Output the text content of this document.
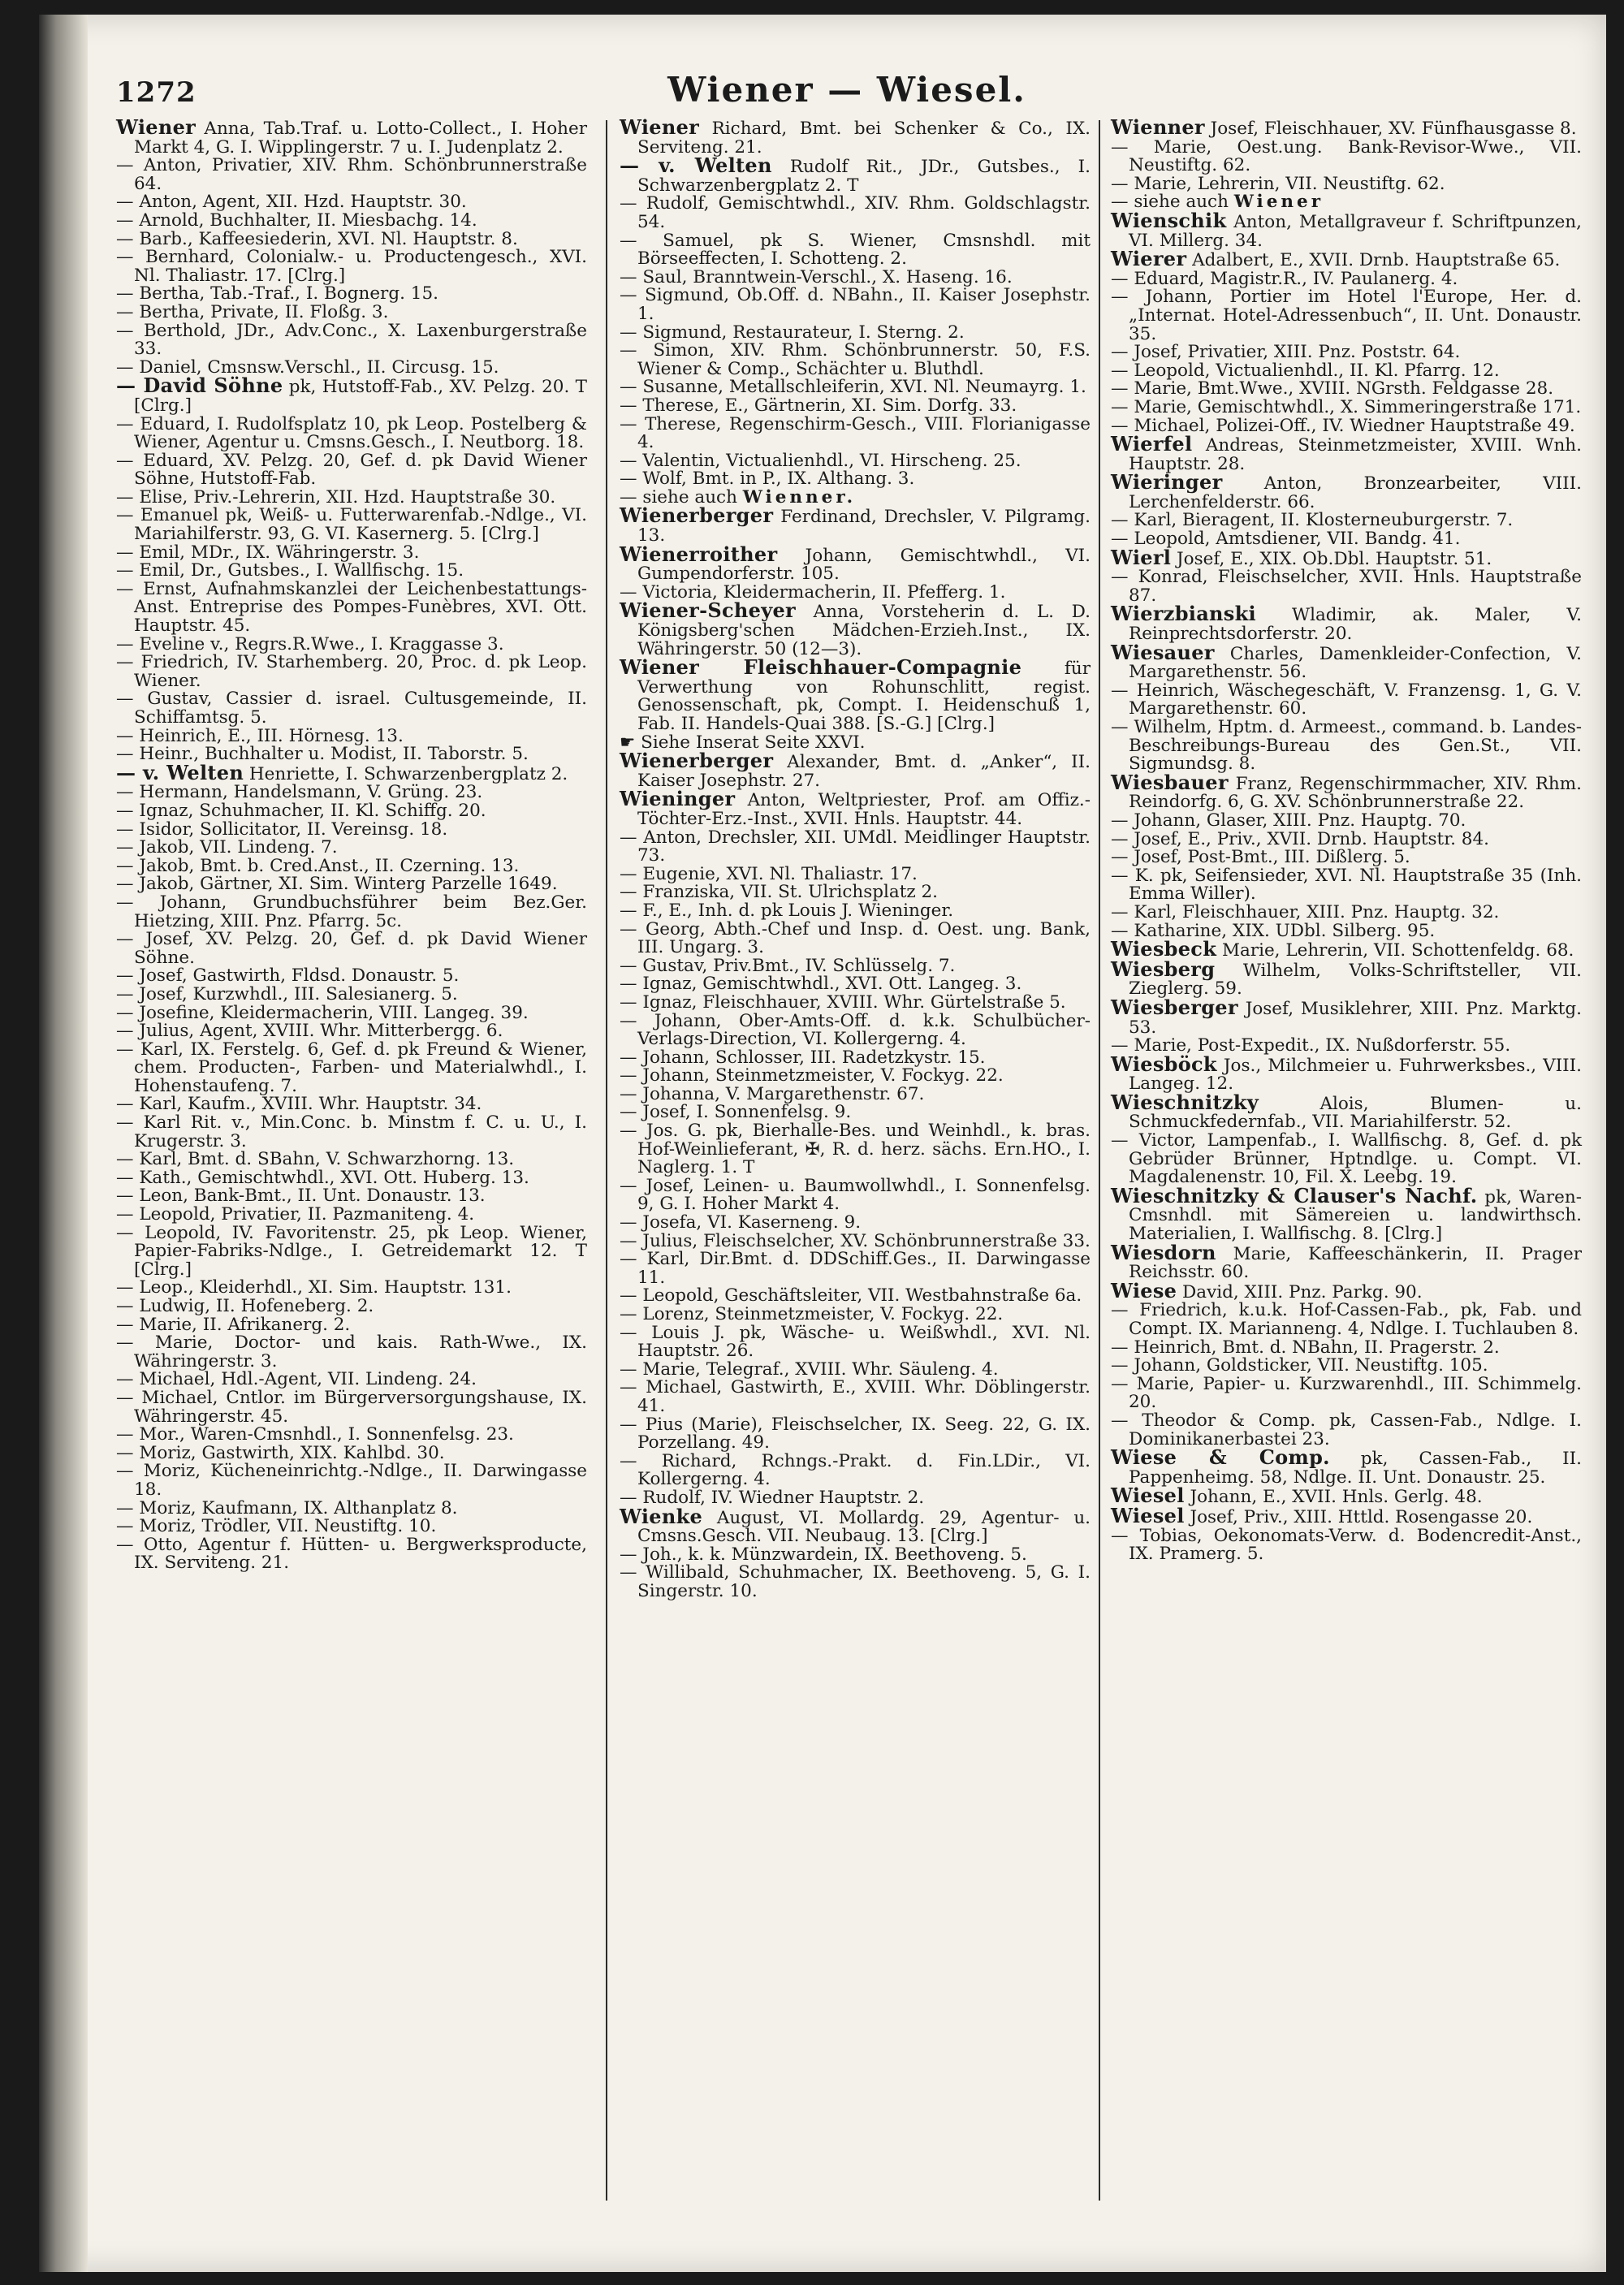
1272	Wiener — Wiesel.

Wiener Anna, Tab.Traf. u. Lotto-Collect., I. Hoher Markt 4, G. I. Wipplingerstr. 7 u. I. Judenplatz 2.

— Anton, Privatier, XIV. Rhm. Schönbrunnerstraße 64.

— Anton, Agent, XII. Hzd. Hauptstr. 30.

— Arnold, Buchhalter, II. Miesbachg. 14.

— Barb., Kaffeesiederin, XVI. Nl. Hauptstr. 8.

— Bernhard, Colonialw.- u. Productengesch., XVI. Nl. Thaliastr. 17. [Clrg.]

— Bertha, Tab.-Traf., I. Bognerg. 15.

— Bertha, Private, II. Floßg. 3.

— Berthold, JDr., Adv.Conc., X. Laxenburgerstraße 33.

— Daniel, Cmsnsw.Verschl., II. Circusg. 15.

— David Söhne pk, Hutstoff-Fab., XV. Pelzg. 20. T [Clrg.]

— Eduard, I. Rudolfsplatz 10, pk Leop. Postelberg & Wiener, Agentur u. Cmsns.Gesch., I. Neutborg. 18.

— Eduard, XV. Pelzg. 20, Gef. d. pk David Wiener Söhne, Hutstoff-Fab.

— Elise, Priv.-Lehrerin, XII. Hzd. Hauptstraße 30.

— Emanuel pk, Weiß- u. Futterwarenfab.-Ndlge., VI. Mariahilferstr. 93, G. VI. Kasernerg. 5. [Clrg.]

— Emil, MDr., IX. Währingerstr. 3.

— Emil, Dr., Gutsbes., I. Wallfischg. 15.

— Ernst, Aufnahmskanzlei der Leichenbestattungs-Anst. Entreprise des Pompes-Funèbres, XVI. Ott. Hauptstr. 45.

— Eveline v., Regrs.R.Wwe., I. Kraggasse 3.

— Friedrich, IV. Starhemberg. 20, Proc. d. pk Leop. Wiener.

— Gustav, Cassier d. israel. Cultusgemeinde, II. Schiffamtsg. 5.

— Heinrich, E., III. Hörnesg. 13.

— Heinr., Buchhalter u. Modist, II. Taborstr. 5.

— v. Welten Henriette, I. Schwarzenbergplatz 2.

— Hermann, Handelsmann, V. Grüng. 23.

— Ignaz, Schuhmacher, II. Kl. Schiffg. 20.

— Isidor, Sollicitator, II. Vereinsg. 18.

— Jakob, VII. Lindeng. 7.

— Jakob, Bmt. b. Cred.Anst., II. Czerning. 13.

— Jakob, Gärtner, XI. Sim. Winterg Parzelle 1649.

— Johann, Grundbuchsführer beim Bez.Ger. Hietzing, XIII. Pnz. Pfarrg. 5c.

— Josef, XV. Pelzg. 20, Gef. d. pk David Wiener Söhne.

— Josef, Gastwirth, Fldsd. Donaustr. 5.

— Josef, Kurzwhdl., III. Salesianerg. 5.

— Josefine, Kleidermacherin, VIII. Langeg. 39.

— Julius, Agent, XVIII. Whr. Mitterbergg. 6.

— Karl, IX. Ferstelg. 6, Gef. d. pk Freund & Wiener, chem. Producten-, Farben- und Materialwhdl., I. Hohenstaufeng. 7.

— Karl, Kaufm., XVIII. Whr. Hauptstr. 34.

— Karl Rit. v., Min.Conc. b. Minstm f. C. u. U., I. Krugerstr. 3.

— Karl, Bmt. d. SBahn, V. Schwarzhorng. 13.

— Kath., Gemischtwhdl., XVI. Ott. Huberg. 13.

— Leon, Bank-Bmt., II. Unt. Donaustr. 13.

— Leopold, Privatier, II. Pazmaniteng. 4.

— Leopold, IV. Favoritenstr. 25, pk Leop. Wiener, Papier-Fabriks-Ndlge., I. Getreidemarkt 12. T [Clrg.]

— Leop., Kleiderhdl., XI. Sim. Hauptstr. 131.

— Ludwig, II. Hofeneberg. 2.

— Marie, II. Afrikanerg. 2.

— Marie, Doctor- und kais. Rath-Wwe., IX. Währingerstr. 3.

— Michael, Hdl.-Agent, VII. Lindeng. 24.

— Michael, Cntlor. im Bürgerversorgungshause, IX. Währingerstr. 45.

— Mor., Waren-Cmsnhdl., I. Sonnenfelsg. 23.

— Moriz, Gastwirth, XIX. Kahlbd. 30.

— Moriz, Kücheneinrichtg.-Ndlge., II. Darwingasse 18.

— Moriz, Kaufmann, IX. Althanplatz 8.

— Moriz, Trödler, VII. Neustiftg. 10.

— Otto, Agentur f. Hütten- u. Bergwerksproducte, IX. Serviteng. 21.

Wiener Richard, Bmt. bei Schenker & Co., IX. Serviteng. 21.

— v. Welten Rudolf Rit., JDr., Gutsbes., I. Schwarzenbergplatz 2. T

— Rudolf, Gemischtwhdl., XIV. Rhm. Goldschlagstr. 54.

— Samuel, pk S. Wiener, Cmsnshdl. mit Börseeffecten, I. Schotteng. 2.

— Saul, Branntwein-Verschl., X. Haseng. 16.

— Sigmund, Ob.Off. d. NBahn., II. Kaiser Josephstr. 1.

— Sigmund, Restaurateur, I. Sterng. 2.

— Simon, XIV. Rhm. Schönbrunnerstr. 50, F.S. Wiener & Comp., Schächter u. Bluthdl.

— Susanne, Metallschleiferin, XVI. Nl. Neumayrg. 1.

— Therese, E., Gärtnerin, XI. Sim. Dorfg. 33.

— Therese, Regenschirm-Gesch., VIII. Florianigasse 4.

— Valentin, Victualienhdl., VI. Hirscheng. 25.

— Wolf, Bmt. in P., IX. Althang. 3.

— siehe auch Wienner.

Wienerberger Ferdinand, Drechsler, V. Pilgramg. 13.

Wienerroither Johann, Gemischtwhdl., VI. Gumpendorferstr. 105.

— Victoria, Kleidermacherin, II. Pfefferg. 1.

Wiener-Scheyer Anna, Vorsteherin d. L. D. Königsberg'schen Mädchen-Erzieh.Inst., IX. Währingerstr. 50 (12—3).

Wiener Fleischhauer-Compagnie für Verwerthung von Rohunschlitt, regist. Genossenschaft, pk, Compt. I. Heidenschuß 1, Fab. II. Handels-Quai 388. [S.-G.] [Clrg.]

☛ Siehe Inserat Seite XXVI.

Wienerberger Alexander, Bmt. d. „Anker“, II. Kaiser Josephstr. 27.

Wieninger Anton, Weltpriester, Prof. am Offiz.-Töchter-Erz.-Inst., XVII. Hnls. Hauptstr. 44.

— Anton, Drechsler, XII. UMdl. Meidlinger Hauptstr. 73.

— Eugenie, XVI. Nl. Thaliastr. 17.

— Franziska, VII. St. Ulrichsplatz 2.

— F., E., Inh. d. pk Louis J. Wieninger.

— Georg, Abth.-Chef und Insp. d. Oest. ung. Bank, III. Ungarg. 3.

— Gustav, Priv.Bmt., IV. Schlüsselg. 7.

— Ignaz, Gemischtwhdl., XVI. Ott. Langeg. 3.

— Ignaz, Fleischhauer, XVIII. Whr. Gürtelstraße 5.

— Johann, Ober-Amts-Off. d. k.k. Schulbücher-Verlags-Direction, VI. Kollergerng. 4.

— Johann, Schlosser, III. Radetzkystr. 15.

— Johann, Steinmetzmeister, V. Fockyg. 22.

— Johanna, V. Margarethenstr. 67.

— Josef, I. Sonnenfelsg. 9.

— Jos. G. pk, Bierhalle-Bes. und Weinhdl., k. bras. Hof-Weinlieferant, ✠, R. d. herz. sächs. Ern.HO., I. Naglerg. 1. T

— Josef, Leinen- u. Baumwollwhdl., I. Sonnenfelsg. 9, G. I. Hoher Markt 4.

— Josefa, VI. Kaserneng. 9.

— Julius, Fleischselcher, XV. Schönbrunnerstraße 33.

— Karl, Dir.Bmt. d. DDSchiff.Ges., II. Darwingasse 11.

— Leopold, Geschäftsleiter, VII. Westbahnstraße 6a.

— Lorenz, Steinmetzmeister, V. Fockyg. 22.

— Louis J. pk, Wäsche- u. Weißwhdl., XVI. Nl. Hauptstr. 26.

— Marie, Telegraf., XVIII. Whr. Säuleng. 4.

— Michael, Gastwirth, E., XVIII. Whr. Döblingerstr. 41.

— Pius (Marie), Fleischselcher, IX. Seeg. 22, G. IX. Porzellang. 49.

— Richard, Rchngs.-Prakt. d. Fin.LDir., VI. Kollergerng. 4.

— Rudolf, IV. Wiedner Hauptstr. 2.

Wienke August, VI. Mollardg. 29, Agentur- u. Cmsns.Gesch. VII. Neubaug. 13. [Clrg.]

— Joh., k. k. Münzwardein, IX. Beethoveng. 5.

— Willibald, Schuhmacher, IX. Beethoveng. 5, G. I. Singerstr. 10.

Wienner Josef, Fleischhauer, XV. Fünfhausgasse 8.

— Marie, Oest.ung. Bank-Revisor-Wwe., VII. Neustiftg. 62.

— Marie, Lehrerin, VII. Neustiftg. 62.

— siehe auch Wiener

Wienschik Anton, Metallgraveur f. Schriftpunzen, VI. Millerg. 34.

Wierer Adalbert, E., XVII. Drnb. Hauptstraße 65.

— Eduard, Magistr.R., IV. Paulanerg. 4.

— Johann, Portier im Hotel l'Europe, Her. d. „Internat. Hotel-Adressenbuch“, II. Unt. Donaustr. 35.

— Josef, Privatier, XIII. Pnz. Poststr. 64.

— Leopold, Victualienhdl., II. Kl. Pfarrg. 12.

— Marie, Bmt.Wwe., XVIII. NGrsth. Feldgasse 28.

— Marie, Gemischtwhdl., X. Simmeringerstraße 171.

— Michael, Polizei-Off., IV. Wiedner Hauptstraße 49.

Wierfel Andreas, Steinmetzmeister, XVIII. Wnh. Hauptstr. 28.

Wieringer Anton, Bronzearbeiter, VIII. Lerchenfelderstr. 66.

— Karl, Bieragent, II. Klosterneuburgerstr. 7.

— Leopold, Amtsdiener, VII. Bandg. 41.

Wierl Josef, E., XIX. Ob.Dbl. Hauptstr. 51.

— Konrad, Fleischselcher, XVII. Hnls. Hauptstraße 87.

Wierzbianski Wladimir, ak. Maler, V. Reinprechtsdorferstr. 20.

Wiesauer Charles, Damenkleider-Confection, V. Margarethenstr. 56.

— Heinrich, Wäschegeschäft, V. Franzensg. 1, G. V. Margarethenstr. 60.

— Wilhelm, Hptm. d. Armeest., command. b. Landes-Beschreibungs-Bureau des Gen.St., VII. Sigmundsg. 8.

Wiesbauer Franz, Regenschirmmacher, XIV. Rhm. Reindorfg. 6, G. XV. Schönbrunnerstraße 22.

— Johann, Glaser, XIII. Pnz. Hauptg. 70.

— Josef, E., Priv., XVII. Drnb. Hauptstr. 84.

— Josef, Post-Bmt., III. Dißlerg. 5.

— K. pk, Seifensieder, XVI. Nl. Hauptstraße 35 (Inh. Emma Willer).

— Karl, Fleischhauer, XIII. Pnz. Hauptg. 32.

— Katharine, XIX. UDbl. Silberg. 95.

Wiesbeck Marie, Lehrerin, VII. Schottenfeldg. 68.

Wiesberg Wilhelm, Volks-Schriftsteller, VII. Zieglerg. 59.

Wiesberger Josef, Musiklehrer, XIII. Pnz. Marktg. 53.

— Marie, Post-Expedit., IX. Nußdorferstr. 55.

Wiesböck Jos., Milchmeier u. Fuhrwerksbes., VIII. Langeg. 12.

Wieschnitzky Alois, Blumen- u. Schmuckfedernfab., VII. Mariahilferstr. 52.

— Victor, Lampenfab., I. Wallfischg. 8, Gef. d. pk Gebrüder Brünner, Hptndlge. u. Compt. VI. Magdalenenstr. 10, Fil. X. Leebg. 19.

Wieschnitzky & Clauser's Nachf. pk, Waren-Cmsnhdl. mit Sämereien u. landwirthsch. Materialien, I. Wallfischg. 8. [Clrg.]

Wiesdorn Marie, Kaffeeschänkerin, II. Prager Reichsstr. 60.

Wiese David, XIII. Pnz. Parkg. 90.

— Friedrich, k.u.k. Hof-Cassen-Fab., pk, Fab. und Compt. IX. Marianneng. 4, Ndlge. I. Tuchlauben 8.

— Heinrich, Bmt. d. NBahn, II. Pragerstr. 2.

— Johann, Goldsticker, VII. Neustiftg. 105.

— Marie, Papier- u. Kurzwarenhdl., III. Schimmelg. 20.

— Theodor & Comp. pk, Cassen-Fab., Ndlge. I. Dominikanerbastei 23.

Wiese & Comp. pk, Cassen-Fab., II. Pappenheimg. 58, Ndlge. II. Unt. Donaustr. 25.

Wiesel Johann, E., XVII. Hnls. Gerlg. 48.

Wiesel Josef, Priv., XIII. Httld. Rosengasse 20.

— Tobias, Oekonomats-Verw. d. Bodencredit-Anst., IX. Pramerg. 5.
